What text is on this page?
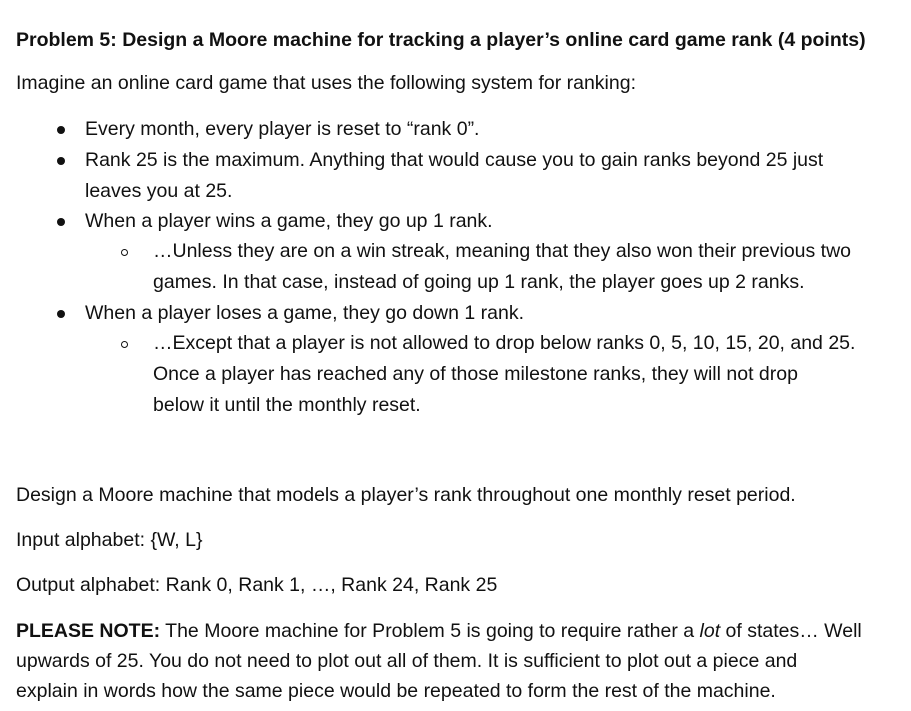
Problem 5: Design a Moore machine for tracking a player’s online card game rank (4 points)
Imagine an online card game that uses the following system for ranking:
Every month, every player is reset to “rank 0”.
Rank 25 is the maximum. Anything that would cause you to gain ranks beyond 25 just
leaves you at 25.
When a player wins a game, they go up 1 rank.
…Unless they are on a win streak, meaning that they also won their previous two
games. In that case, instead of going up 1 rank, the player goes up 2 ranks.
When a player loses a game, they go down 1 rank.
…Except that a player is not allowed to drop below ranks 0, 5, 10, 15, 20, and 25.
Once a player has reached any of those milestone ranks, they will not drop
below it until the monthly reset.
Design a Moore machine that models a player’s rank throughout one monthly reset period.
Input alphabet: {W, L}
Output alphabet: Rank 0, Rank 1, …, Rank 24, Rank 25
PLEASE NOTE: The Moore machine for Problem 5 is going to require rather a lot of states… Well
upwards of 25. You do not need to plot out all of them. It is sufficient to plot out a piece and
explain in words how the same piece would be repeated to form the rest of the machine.
